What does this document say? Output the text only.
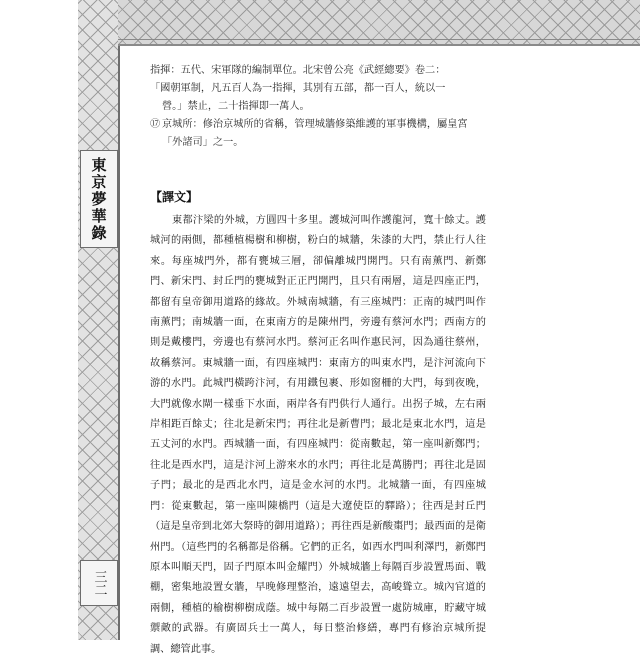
東京夢華錄
三二

指揮：五代、宋軍隊的編制單位。北宋曾公亮《武經總要》卷二：

「國朝軍制，凡五百人為一指揮，其別有五部，都一百人，統以一

營。」禁止，二十指揮即一萬人。

⑰ 京城所：修治京城所的省稱，管理城牆修築維護的軍事機構，屬皇宮

「外諸司」之一。

【譯文】

東都汴梁的外城，方圓四十多里。護城河叫作護龍河，寬十餘丈。護城河的兩側，都種植楊樹和柳樹，粉白的城牆，朱漆的大門，禁止行人往來。每座城門外，都有甕城三層，卻偏離城門開門。只有南薰門、新鄭門、新宋門、封丘門的甕城對正正門開門，且只有兩層，這是四座正門，都留有皇帝御用道路的緣故。外城南城牆，有三座城門：正南的城門叫作南薰門；南城牆一面，在東南方的是陳州門，旁邊有蔡河水門；西南方的則是戴樓門，旁邊也有蔡河水門。蔡河正名叫作惠民河，因為通往蔡州，故稱蔡河。東城牆一面，有四座城門：東南方的叫東水門，是汴河流向下游的水門。此城門橫跨汴河，有用鐵包裹、形如窗柵的大門，每到夜晚，大門就像水閘一樣垂下水面，兩岸各有門供行人通行。出拐子城，左右兩岸相距百餘丈；往北是新宋門；再往北是新曹門；最北是東北水門，這是五丈河的水門。西城牆一面，有四座城門：從南數起，第一座叫新鄭門；往北是西水門，這是汴河上游來水的水門；再往北是萬勝門；再往北是固子門；最北的是西北水門，這是金水河的水門。北城牆一面，有四座城門：從東數起，第一座叫陳橋門（這是大遼使臣的驛路）；往西是封丘門（這是皇帝到北郊大祭時的御用道路）；再往西是新酸棗門；最西面的是衛州門。（這些門的名稱都是俗稱。它們的正名，如西水門叫利澤門，新鄭門原本叫順天門，固子門原本叫金耀門）外城城牆上每隔百步設置馬面、戰棚，密集地設置女牆，早晚修理整治，遠遠望去，高峻聳立。城內官道的兩側，種植的榆樹柳樹成蔭。城中每隔二百步設置一處防城庫，貯藏守城禦敵的武器。有廣固兵士一萬人，每日整治修繕，專門有修治京城所提調、總管此事。
